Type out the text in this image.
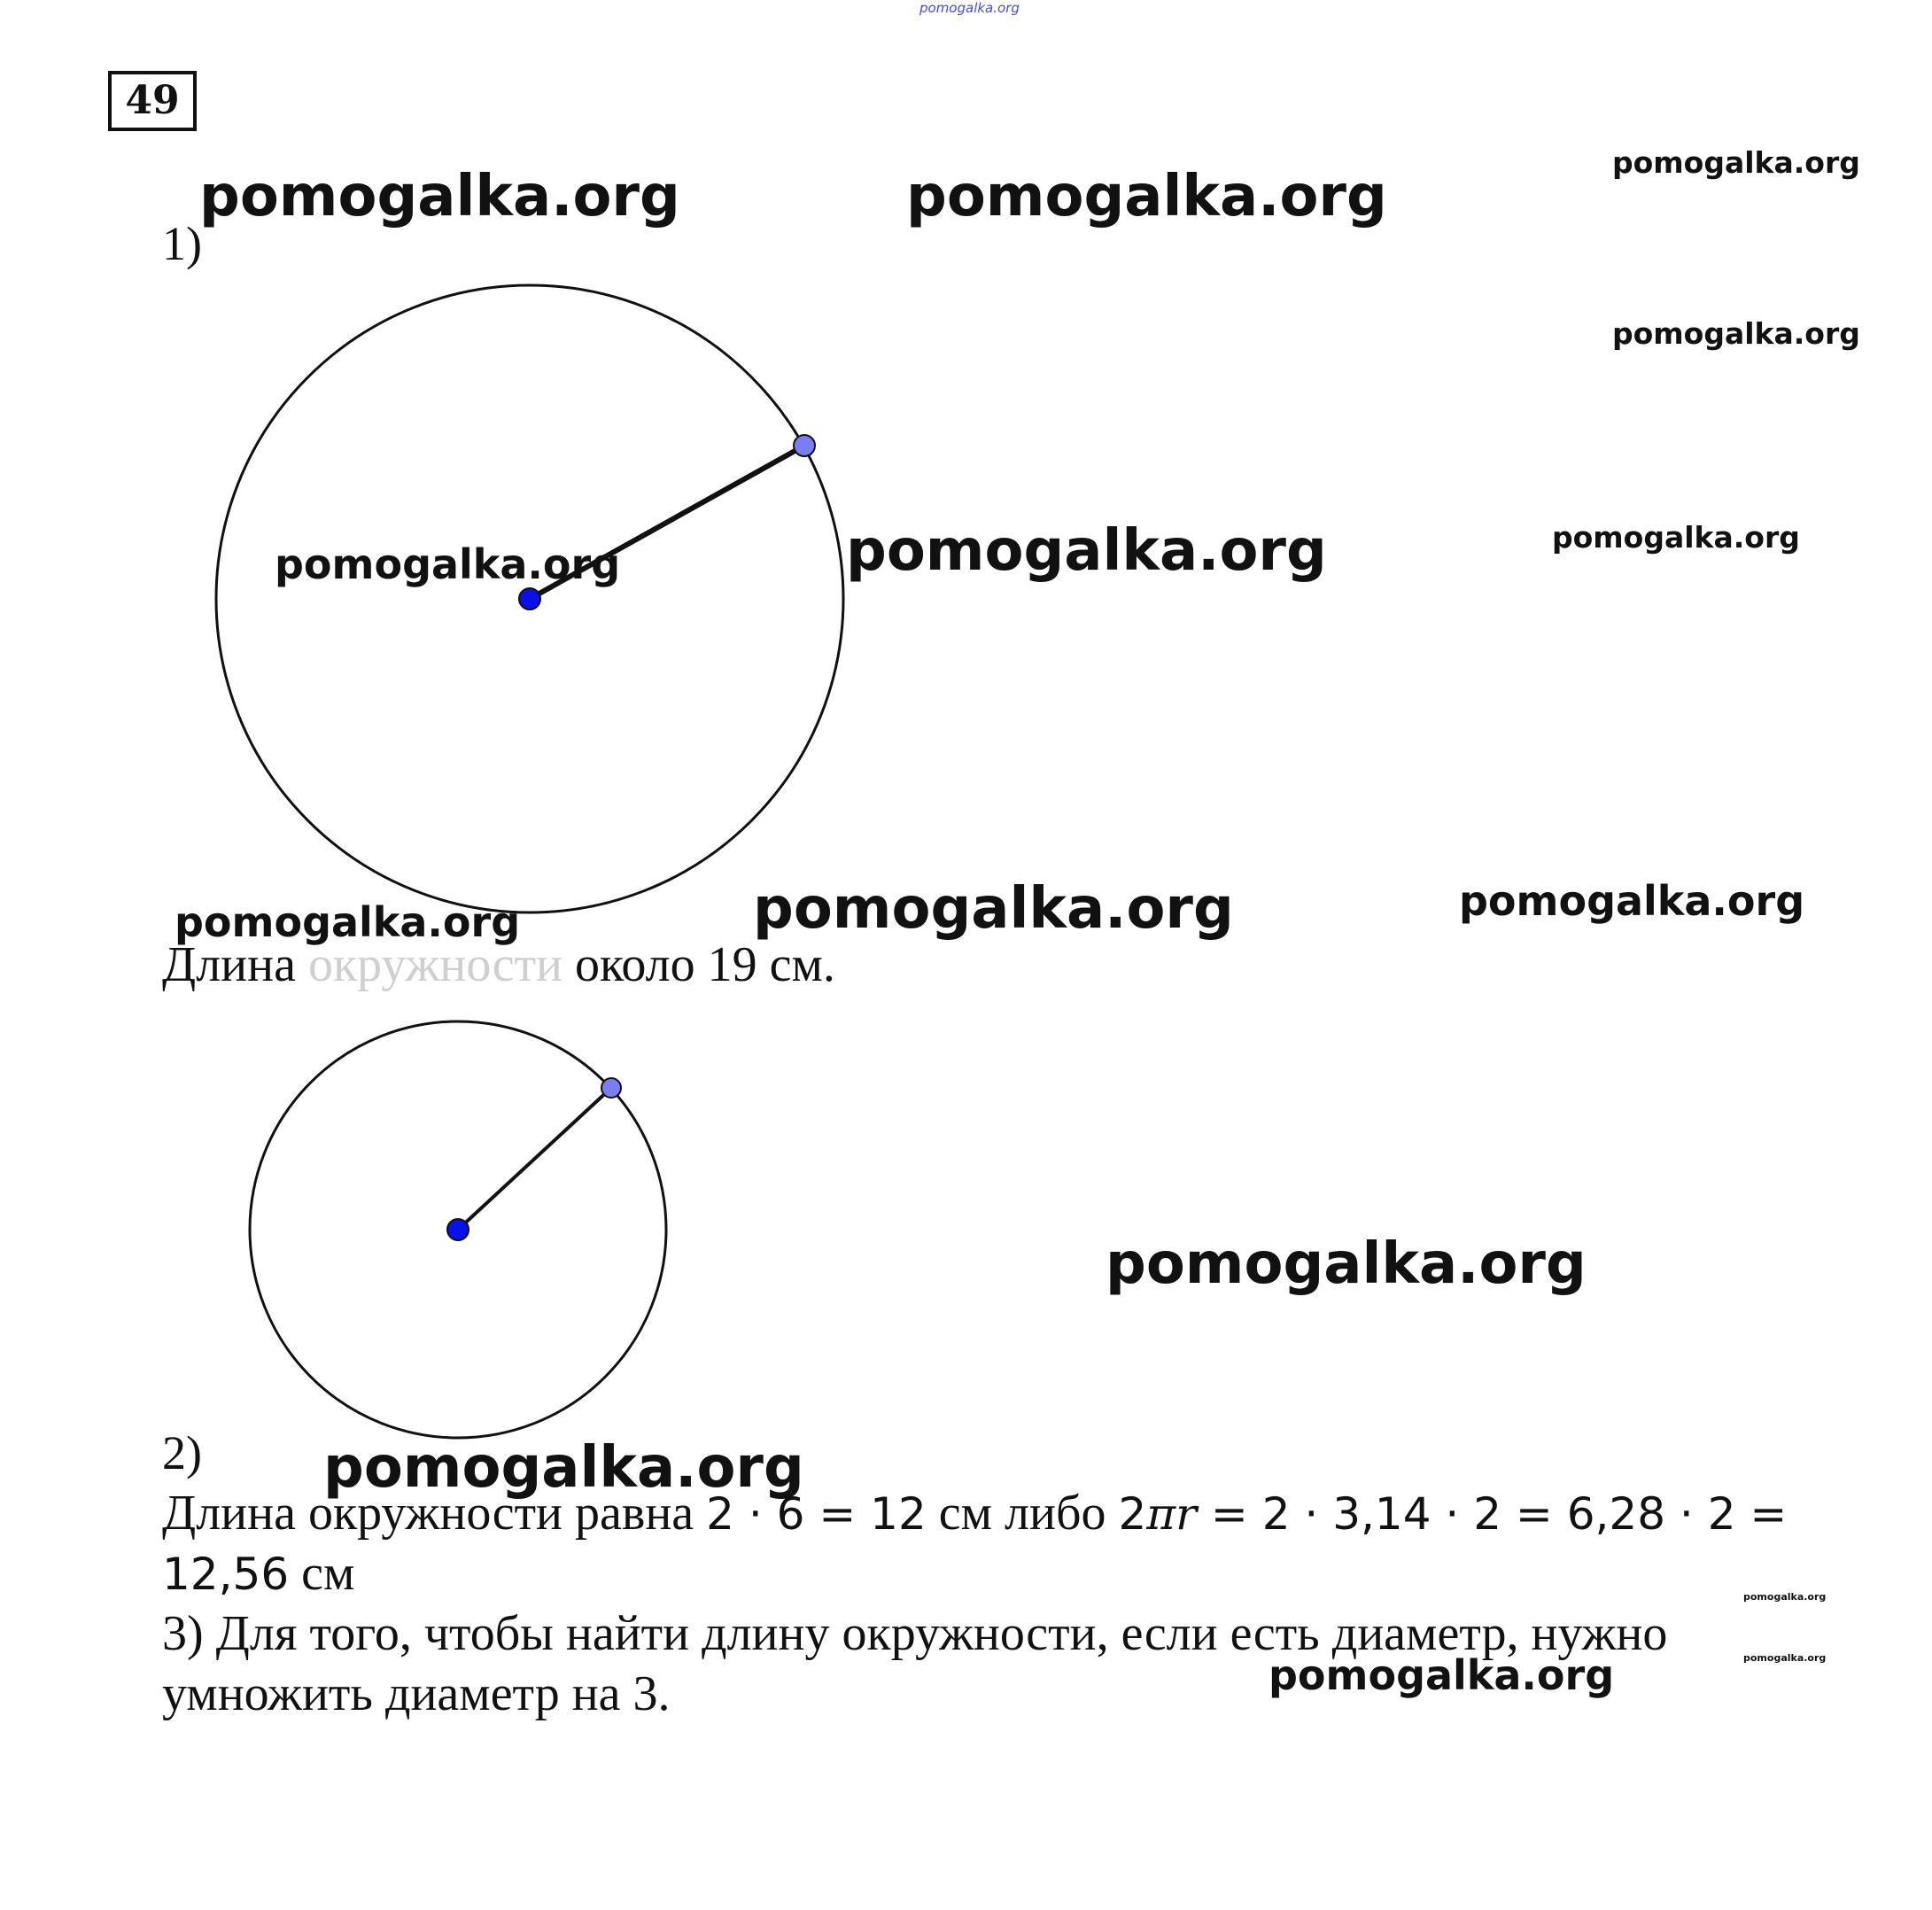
pomogalka.org
49
pomogalka.org	pomogalka.org
pomogalka.org
pomogalka.org
pomogalka.org	pomogalka.org	pomogalka.org
pomogalka.org	pomogalka.org	pomogalka.org
pomogalka.org
pomogalka.org
pomogalka.org
pomogalka.org
pomogalka.org
1)
Длина окружности около 19 см.
2)
Длина окружности равна 2 · 6 = 12 см либо 2πr = 2 · 3,14 · 2 = 6,28 · 2 =
12,56 см
3) Для того, чтобы найти длину окружности, если есть диаметр, нужно
умножить диаметр на 3.
